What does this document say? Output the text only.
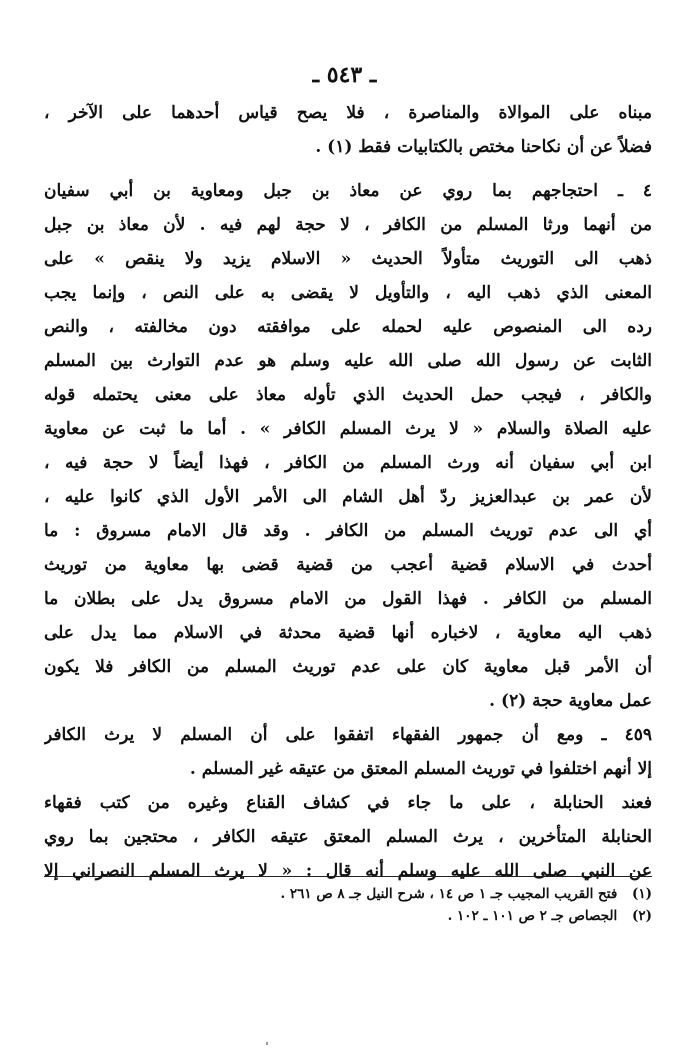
ـ ٥٤٣ ـ
مبناه على الموالاة والمناصرة ، فلا يصح قياس أحدهما على الآخر ،
فضلاً عن أن نكاحنا مختص بالكتابيات فقط (١) .
٤ ـ احتجاجهم بما روي عن معاذ بن جبل ومعاوية بن أبي سفيان
من أنهما ورثا المسلم من الكافر ، لا حجة لهم فيه . لأن معاذ بن جبل
ذهب الى التوريث متأولاً الحديث « الاسلام يزيد ولا ينقص » على
المعنى الذي ذهب اليه ، والتأويل لا يقضى به على النص ، وإنما يجب
رده الى المنصوص عليه لحمله على موافقته دون مخالفته ، والنص
الثابت عن رسول الله صلى الله عليه وسلم هو عدم التوارث بين المسلم
والكافر ، فيجب حمل الحديث الذي تأوله معاذ على معنى يحتمله قوله
عليه الصلاة والسلام « لا يرث المسلم الكافر » . أما ما ثبت عن معاوية
ابن أبي سفيان أنه ورث المسلم من الكافر ، فهذا أيضاً لا حجة فيه ،
لأن عمر بن عبدالعزيز ردّ أهل الشام الى الأمر الأول الذي كانوا عليه ،
أي الى عدم توريث المسلم من الكافر . وقد قال الامام مسروق : ما
أحدث في الاسلام قضية أعجب من قضية قضى بها معاوية من توريث
المسلم من الكافر . فهذا القول من الامام مسروق يدل على بطلان ما
ذهب اليه معاوية ، لاخباره أنها قضية محدثة في الاسلام مما يدل على
أن الأمر قبل معاوية كان على عدم توريث المسلم من الكافر فلا يكون
عمل معاوية حجة (٢) .
٤٥٩ ـ ومع أن جمهور الفقهاء اتفقوا على أن المسلم لا يرث الكافر
إلا أنهم اختلفوا في توريث المسلم المعتق من عتيقه غير المسلم .
فعند الحنابلة ، على ما جاء في كشاف القناع وغيره من كتب فقهاء
الحنابلة المتأخرين ، يرث المسلم المعتق عتيقه الكافر ، محتجين بما روي
عن النبي صلى الله عليه وسلم أنه قال : « لا يرث المسلم النصراني إلا
(١) فتح القريب المجيب جـ ١ ص ١٤ ، شرح النيل جـ ٨ ص ٢٦١ .
(٢) الجصاص جـ ٢ ص ١٠١ ـ ١٠٢ .
